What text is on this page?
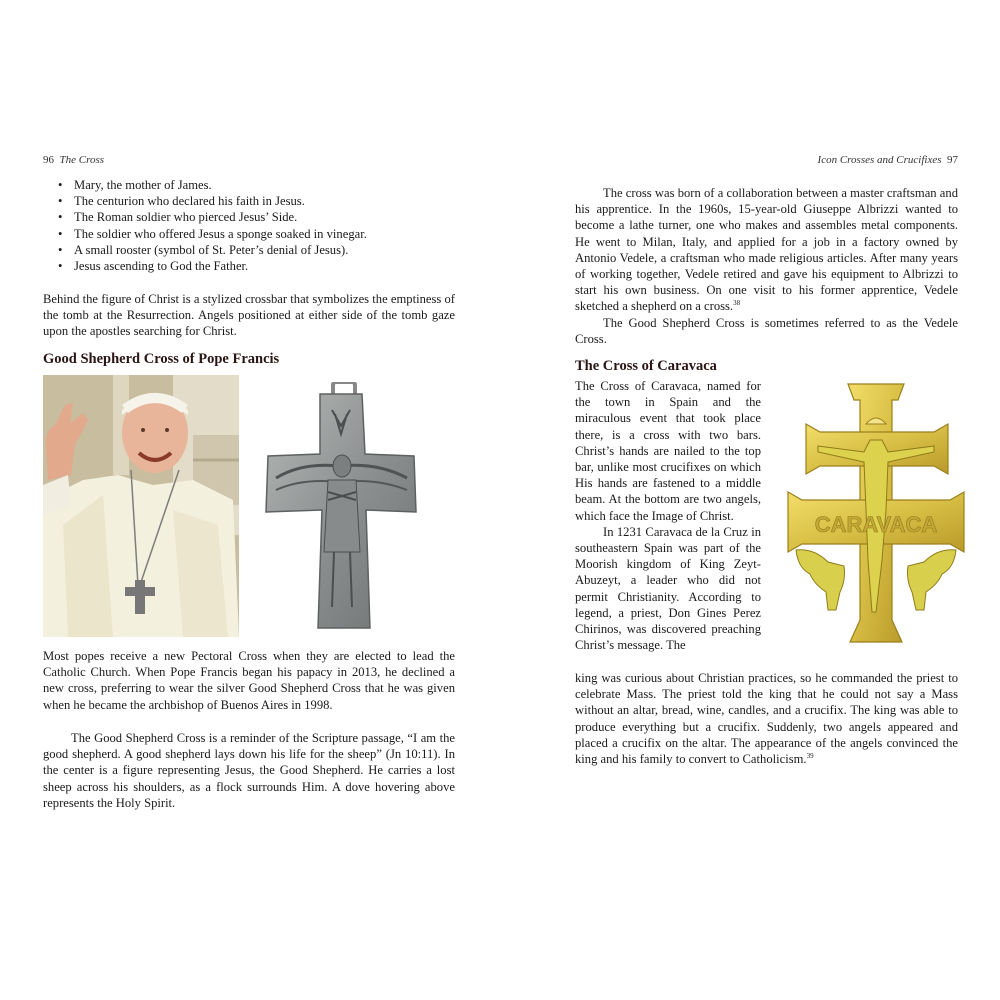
96 The Cross
• Mary, the mother of James.
• The centurion who declared his faith in Jesus.
• The Roman soldier who pierced Jesus’ Side.
• The soldier who offered Jesus a sponge soaked in vinegar.
• A small rooster (symbol of St. Peter’s denial of Jesus).
• Jesus ascending to God the Father.

Behind the figure of Christ is a stylized crossbar that symbolizes the emptiness of the tomb at the Resurrection. Angels positioned at either side of the tomb gaze upon the apostles searching for Christ.

Good Shepherd Cross of Pope Francis

Most popes receive a new Pectoral Cross when they are elected to lead the Catholic Church. When Pope Francis began his papacy in 2013, he declined a new cross, preferring to wear the silver Good Shepherd Cross that he was given when he became the archbishop of Buenos Aires in 1998.

The Good Shepherd Cross is a reminder of the Scripture passage, “I am the good shepherd. A good shepherd lays down his life for the sheep” (Jn 10:11). In the center is a figure representing Jesus, the Good Shepherd. He carries a lost sheep across his shoulders, as a flock surrounds Him. A dove hovering above represents the Holy Spirit.

Icon Crosses and Crucifixes 97

The cross was born of a collaboration between a master craftsman and his apprentice. In the 1960s, 15-year-old Giuseppe Albrizzi wanted to become a lathe turner, one who makes and assembles metal components. He went to Milan, Italy, and applied for a job in a factory owned by Antonio Vedele, a craftsman who made religious articles. After many years of working together, Vedele retired and gave his equipment to Albrizzi to start his own business. On one visit to his former apprentice, Vedele sketched a shepherd on a cross.$^{38}$

The Good Shepherd Cross is sometimes referred to as the Vedele Cross.

The Cross of Caravaca

The Cross of Caravaca, named for the town in Spain and the miraculous event that took place there, is a cross with two bars. Christ’s hands are nailed to the top bar, unlike most crucifixes on which His hands are fastened to a middle beam. At the bottom are two angels, which face the Image of Christ.

In 1231 Caravaca de la Cruz in southeastern Spain was part of the Moorish kingdom of King Zeyt-Abuzeyt, a leader who did not permit Christianity. According to legend, a priest, Don Gines Perez Chirinos, was discovered preaching Christ’s message. The

CARAVACA

king was curious about Christian practices, so he commanded the priest to celebrate Mass. The priest told the king that he could not say a Mass without an altar, bread, wine, candles, and a crucifix. The king was able to produce everything but a crucifix. Suddenly, two angels appeared and placed a crucifix on the altar. The appearance of the angels convinced the king and his family to convert to Catholicism.$^{39}$
